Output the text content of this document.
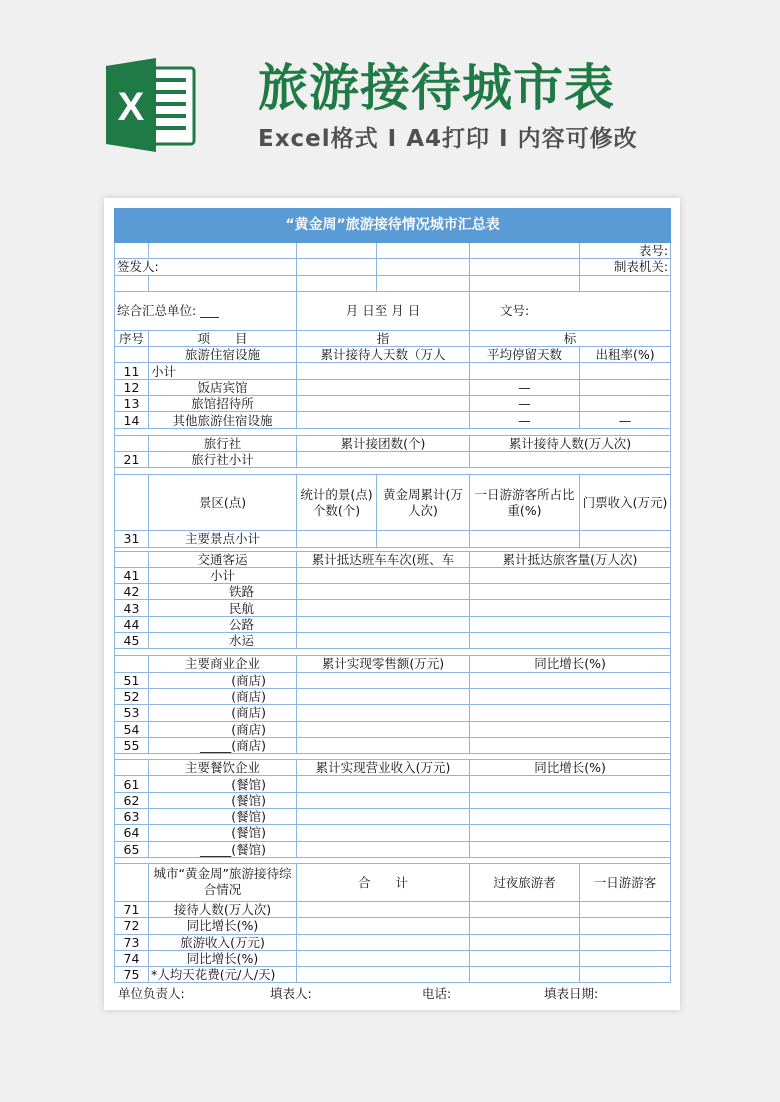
X 旅游接待城市表
Excel格式 I A4打印 I 内容可修改
“黄金周”旅游接待情况城市汇总表					
					表号:
签发人:					制表机关:

综合汇总单位: ___		月 日至 月 日		文号:	
序号	项　　目	指		标	
	旅游住宿设施	累计接待人天数（万人		平均停留天数	出租率(%)
11	小计				
12	饭店宾馆			—	
13	旅馆招待所			—	
14	其他旅游住宿设施			—	—

	旅行社	累计接团数(个)		累计接待人数(万人次)	
21	旅行社小计				

	景区(点)	统计的景(点)个数(个)	黄金周累计(万人次)	一日游游客所占比重(%)	门票收入(万元)
31	主要景点小计				

	交通客运	累计抵达班车车次(班、车		累计抵达旅客量(万人次)	
41	小计				
42	铁路				
43	民航				
44	公路				
45	水运				

	主要商业企业	累计实现零售额(万元)		同比增长(%)	
51	(商店)				
52	(商店)				
53	(商店)				
54	(商店)				
55	_____(商店)				

	主要餐饮企业	累计实现营业收入(万元)		同比增长(%)	
61	(餐馆)				
62	(餐馆)				
63	(餐馆)				
64	(餐馆)				
65	_____(餐馆)				

	城市“黄金周”旅游接待综合情况	合　　计		过夜旅游者	一日游游客
71	接待人数(万人次)				
72	同比增长(%)				
73	旅游收入(万元)				
74	同比增长(%)				
75	*人均天花费(元/人/天)				
单位负责人:	填表人:	电话:	填表日期:
